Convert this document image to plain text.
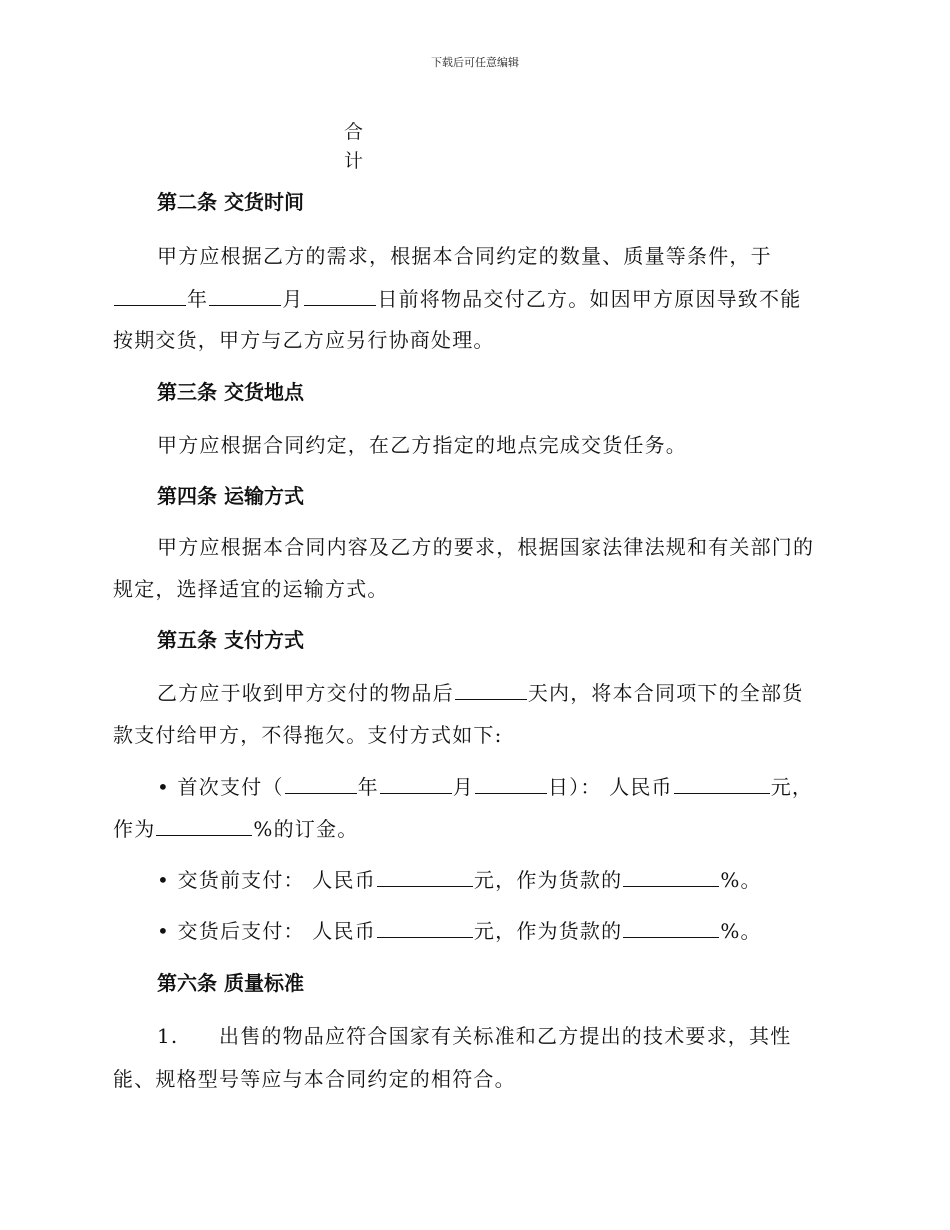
下载后可任意编辑
合
计
第二条 交货时间
甲方应根据乙方的需求，根据本合同约定的数量、质量等条件，于
年	月	日前将物品交付乙方。如因甲方原因导致不能
按期交货，甲方与乙方应另行协商处理。
第三条 交货地点
甲方应根据合同约定，在乙方指定的地点完成交货任务。
第四条 运输方式
甲方应根据本合同内容及乙方的要求，根据国家法律法规和有关部门的
规定，选择适宜的运输方式。
第五条 支付方式
乙方应于收到甲方交付的物品后	天内，将本合同项下的全部货
款支付给甲方，不得拖欠。支付方式如下:
• 首次支付（	年	月	日）： 人民币	元，
作为	%的订金。
• 交货前支付： 人民币	元，作为货款的	%。
• 交货后支付： 人民币	元，作为货款的	%。
第六条 质量标准
1. 出售的物品应符合国家有关标准和乙方提出的技术要求，其性
能、规格型号等应与本合同约定的相符合。
